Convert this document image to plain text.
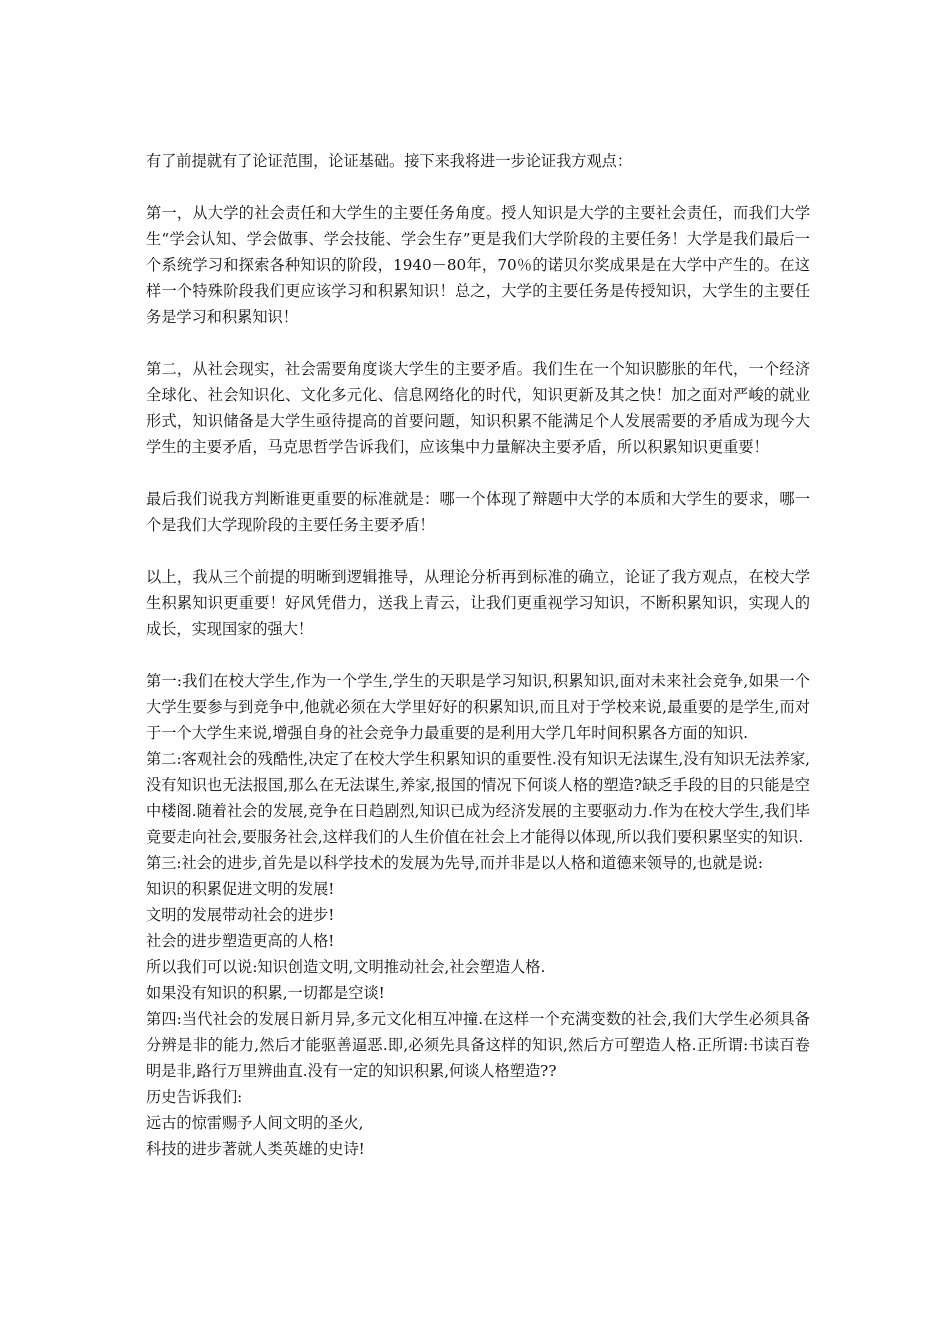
有了前提就有了论证范围，论证基础。接下来我将进一步论证我方观点：

第一，从大学的社会责任和大学生的主要任务角度。授人知识是大学的主要社会责任，而我们大学生“学会认知、学会做事、学会技能、学会生存”更是我们大学阶段的主要任务！大学是我们最后一个系统学习和探索各种知识的阶段，1940－80年，70％的诺贝尔奖成果是在大学中产生的。在这样一个特殊阶段我们更应该学习和积累知识！总之，大学的主要任务是传授知识，大学生的主要任务是学习和积累知识！

第二，从社会现实，社会需要角度谈大学生的主要矛盾。我们生在一个知识膨胀的年代，一个经济全球化、社会知识化、文化多元化、信息网络化的时代，知识更新及其之快！加之面对严峻的就业形式，知识储备是大学生亟待提高的首要问题，知识积累不能满足个人发展需要的矛盾成为现今大学生的主要矛盾，马克思哲学告诉我们，应该集中力量解决主要矛盾，所以积累知识更重要！

最后我们说我方判断谁更重要的标准就是：哪一个体现了辩题中大学的本质和大学生的要求，哪一个是我们大学现阶段的主要任务主要矛盾！

以上，我从三个前提的明晰到逻辑推导，从理论分析再到标准的确立，论证了我方观点，在校大学生积累知识更重要！好风凭借力，送我上青云，让我们更重视学习知识，不断积累知识，实现人的成长，实现国家的强大！

第一:我们在校大学生,作为一个学生,学生的天职是学习知识,积累知识,面对未来社会竞争,如果一个大学生要参与到竞争中,他就必须在大学里好好的积累知识,而且对于学校来说,最重要的是学生,而对于一个大学生来说,增强自身的社会竞争力最重要的是利用大学几年时间积累各方面的知识.

第二:客观社会的残酷性,决定了在校大学生积累知识的重要性.没有知识无法谋生,没有知识无法养家,没有知识也无法报国,那么在无法谋生,养家,报国的情况下何谈人格的塑造?缺乏手段的目的只能是空中楼阁.随着社会的发展,竞争在日趋剧烈,知识已成为经济发展的主要驱动力.作为在校大学生,我们毕竟要走向社会,要服务社会,这样我们的人生价值在社会上才能得以体现,所以我们要积累坚实的知识.

第三:社会的进步,首先是以科学技术的发展为先导,而并非是以人格和道德来领导的,也就是说:

知识的积累促进文明的发展!

文明的发展带动社会的进步!

社会的进步塑造更高的人格!

所以我们可以说:知识创造文明,文明推动社会,社会塑造人格.

如果没有知识的积累,一切都是空谈!

第四:当代社会的发展日新月异,多元文化相互冲撞.在这样一个充满变数的社会,我们大学生必须具备分辨是非的能力,然后才能驱善逼恶.即,必须先具备这样的知识,然后方可塑造人格.正所谓:书读百卷明是非,路行万里辨曲直.没有一定的知识积累,何谈人格塑造??

历史告诉我们:

远古的惊雷赐予人间文明的圣火,

科技的进步著就人类英雄的史诗!
